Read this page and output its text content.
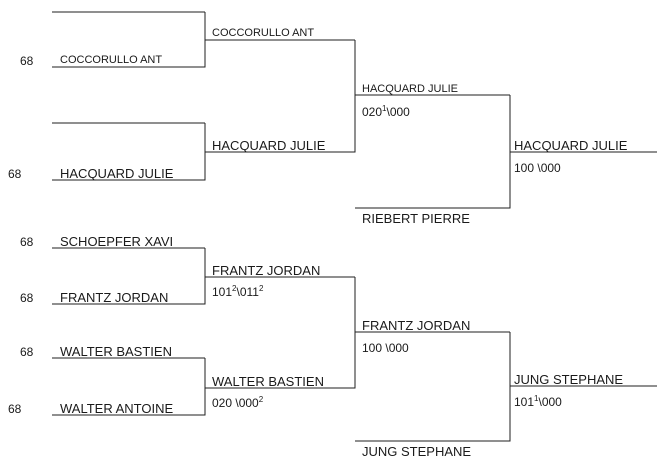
68
68
68
68
68
68
COCCORULLO ANT
HACQUARD JULIE
SCHOEPFER XAVI
FRANTZ JORDAN
WALTER BASTIEN
WALTER ANTOINE
COCCORULLO ANT
HACQUARD JULIE
FRANTZ JORDAN
WALTER BASTIEN
$101^2\backslash 011^2$
020 $\backslash 000^2$
HACQUARD JULIE
RIEBERT PIERRE
FRANTZ JORDAN
JUNG STEPHANE
$020^1\backslash 000$
100 \000
HACQUARD JULIE
100 \000
JUNG STEPHANE
$101^1\backslash 000$
